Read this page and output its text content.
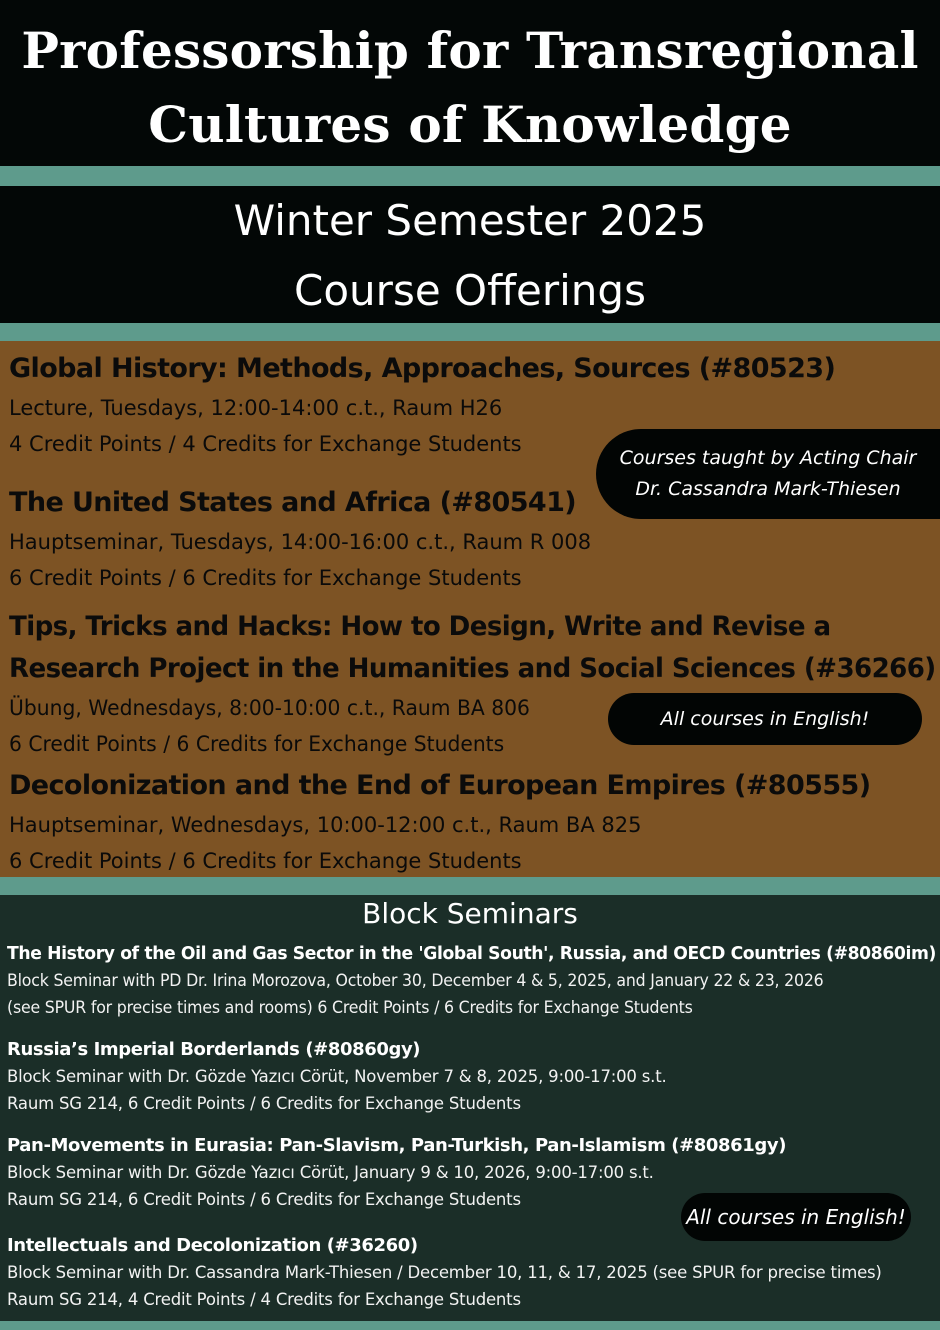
Professorship for Transregional
Cultures of Knowledge
Winter Semester 2025
Course Offerings
Global History: Methods, Approaches, Sources (#80523)
Lecture, Tuesdays, 12:00-14:00 c.t., Raum H26
4 Credit Points / 4 Credits for Exchange Students
The United States and Africa (#80541)
Hauptseminar, Tuesdays, 14:00-16:00 c.t., Raum R 008
6 Credit Points / 6 Credits for Exchange Students
Tips, Tricks and Hacks: How to Design, Write and Revise a
Research Project in the Humanities and Social Sciences (#36266)
Übung, Wednesdays, 8:00-10:00 c.t., Raum BA 806
6 Credit Points / 6 Credits for Exchange Students
Decolonization and the End of European Empires (#80555)
Hauptseminar, Wednesdays, 10:00-12:00 c.t., Raum BA 825
6 Credit Points / 6 Credits for Exchange Students
Courses taught by Acting Chair
Dr. Cassandra Mark-Thiesen
All courses in English!
Block Seminars
The History of the Oil and Gas Sector in the 'Global South', Russia, and OECD Countries (#80860im)
Block Seminar with PD Dr. Irina Morozova, October 30, December 4 & 5, 2025, and January 22 & 23, 2026
(see SPUR for precise times and rooms) 6 Credit Points / 6 Credits for Exchange Students
Russia’s Imperial Borderlands (#80860gy)
Block Seminar with Dr. Gözde Yazıcı Cörüt, November 7 & 8, 2025, 9:00-17:00 s.t.
Raum SG 214, 6 Credit Points / 6 Credits for Exchange Students
Pan-Movements in Eurasia: Pan-Slavism, Pan-Turkish, Pan-Islamism (#80861gy)
Block Seminar with Dr. Gözde Yazıcı Cörüt, January 9 & 10, 2026, 9:00-17:00 s.t.
Raum SG 214, 6 Credit Points / 6 Credits for Exchange Students
Intellectuals and Decolonization (#36260)
Block Seminar with Dr. Cassandra Mark-Thiesen / December 10, 11, & 17, 2025 (see SPUR for precise times)
Raum SG 214, 4 Credit Points / 4 Credits for Exchange Students
All courses in English!
